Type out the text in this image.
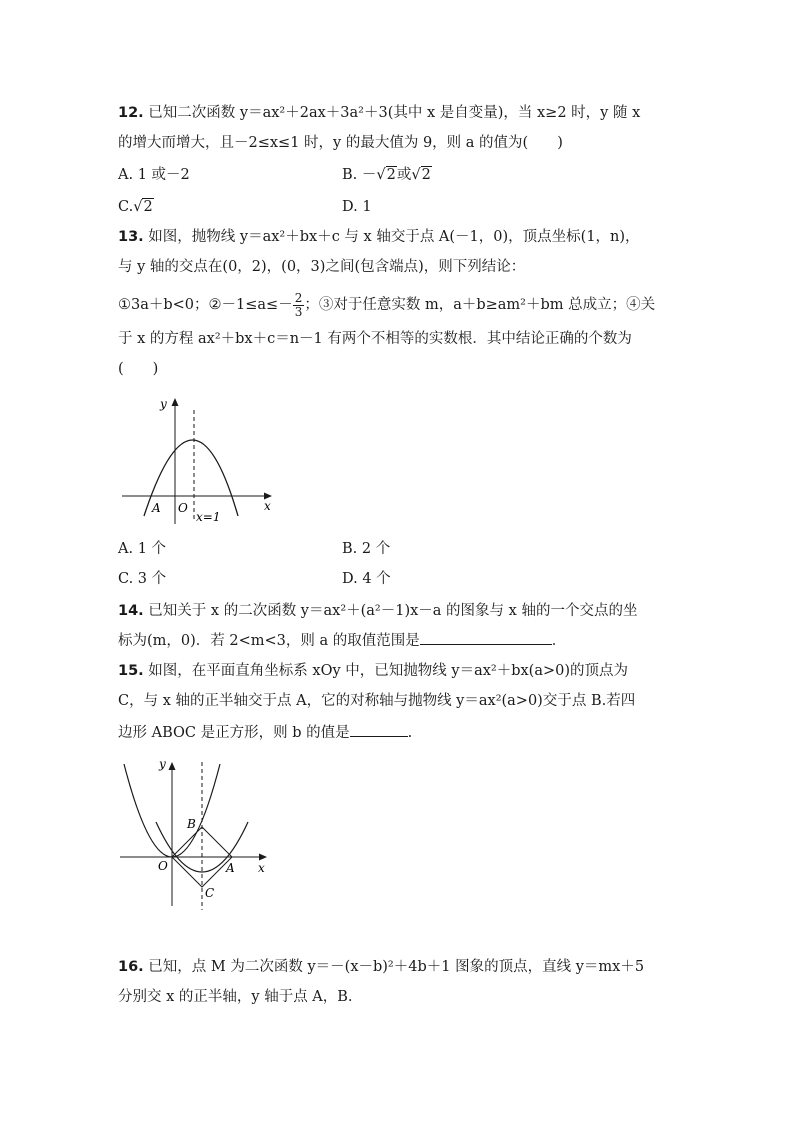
12. 已知二次函数 y＝ax²＋2ax＋3a²＋3(其中 x 是自变量)，当 x≥2 时，y 随 x
的增大而增大，且－2≤x≤1 时，y 的最大值为 9，则 a 的值为(　　)
A. 1 或－2	B. －√2或√2
C.√2	D. 1
13. 如图，抛物线 y＝ax²＋bx＋c 与 x 轴交于点 A(－1，0)，顶点坐标(1，n)，
与 y 轴的交点在(0，2)，(0，3)之间(包含端点)，则下列结论：
①3a＋b<0；②－1≤a≤－ $\frac{2}{3}$ ；③对于任意实数 m，a＋b≥am²＋bm 总成立；④关
于 x 的方程 ax²＋bx＋c＝n－1 有两个不相等的实数根．其中结论正确的个数为
(　　)
y
x
O
A
x=1
A. 1 个	B. 2 个
C. 3 个	D. 4 个
14. 已知关于 x 的二次函数 y＝ax²＋(a²－1)x－a 的图象与 x 轴的一个交点的坐
标为(m，0)．若 2<m<3，则 a 的取值范围是	．
15. 如图，在平面直角坐标系 xOy 中，已知抛物线 y＝ax²＋bx(a>0)的顶点为
C，与 x 轴的正半轴交于点 A，它的对称轴与抛物线 y＝ax²(a>0)交于点 B.若四
边形 ABOC 是正方形，则 b 的值是	.
y
x
O	A
B
C
16. 已知，点 M 为二次函数 y＝－(x－b)²＋4b＋1 图象的顶点，直线 y＝mx＋5
分别交 x 的正半轴，y 轴于点 A，B.
